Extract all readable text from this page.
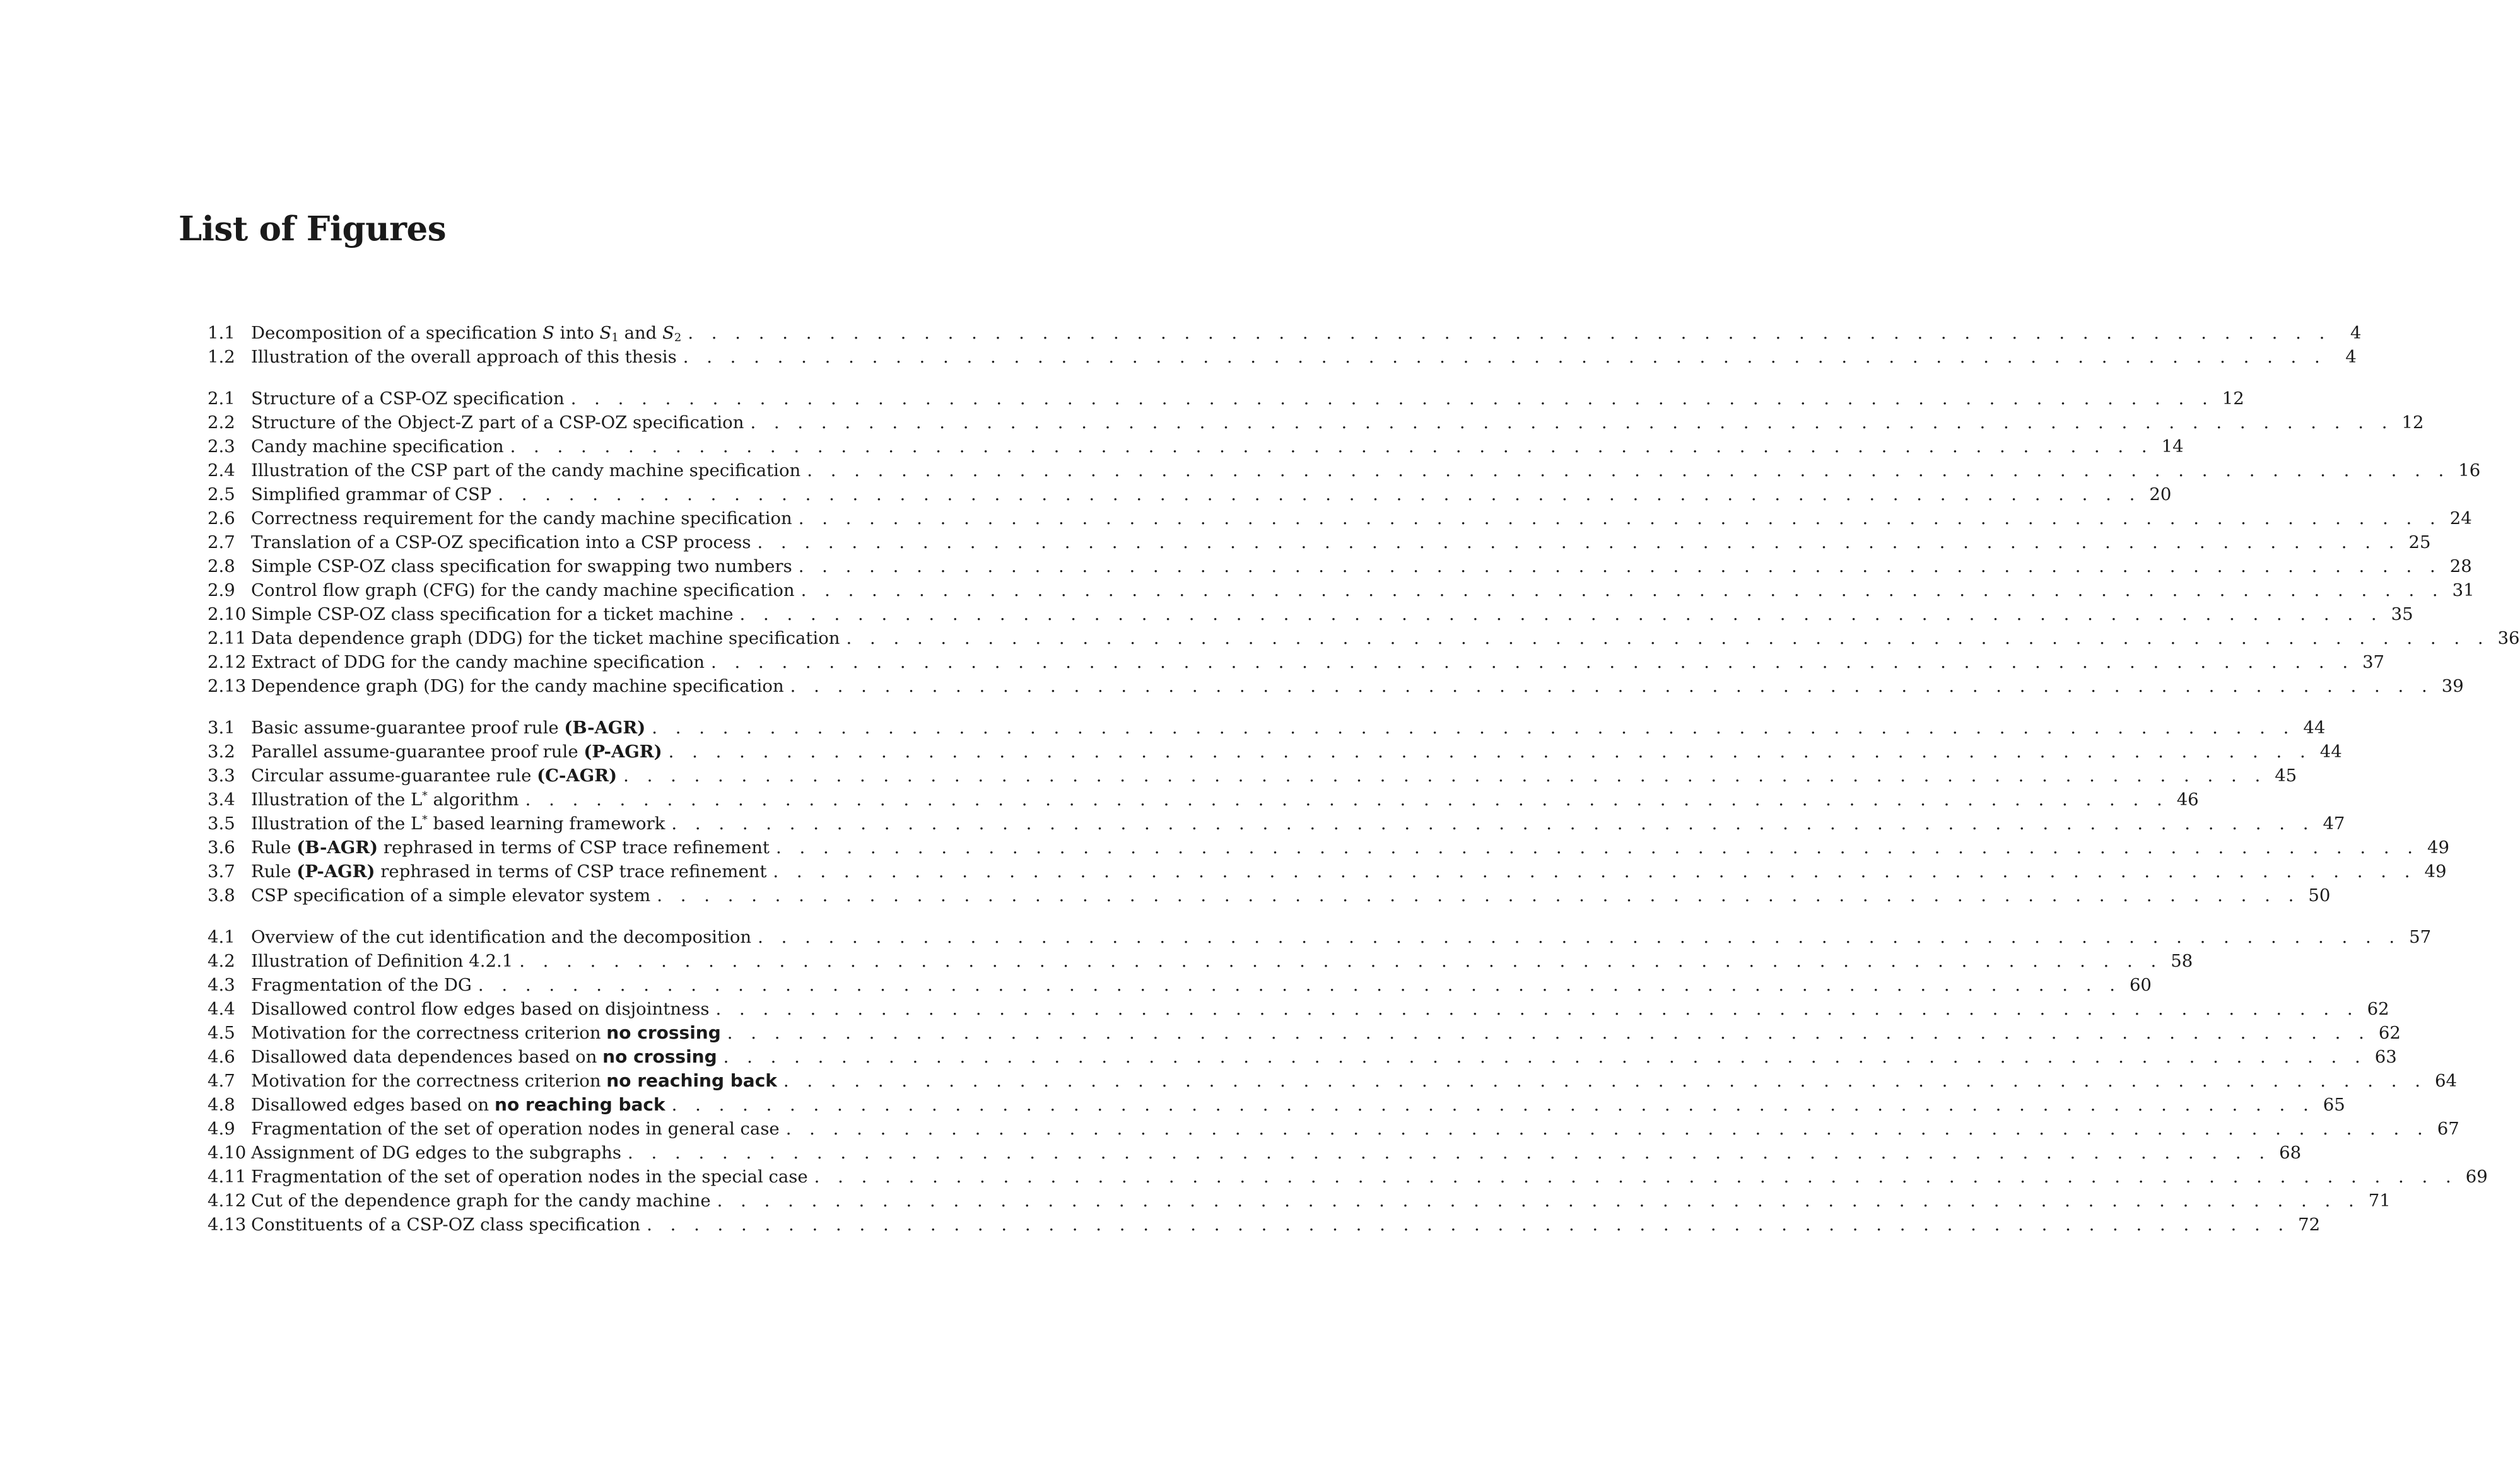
List of Figures
1.1 Decomposition of a specification S into $S_1$ and $S_2$ . . . . . . . . . . . . . . . . . . . . . . . . . . . . . . . . . . . . . . . . . . . . . . . . . . . . . . . . . . . . . . . . . . . . . .	4
1.2 Illustration of the overall approach of this thesis . . . . . . . . . . . . . . . . . . . . . . . . . . . . . . . . . . . . . . . . . . . . . . . . . . . . . . . . . . . . . . . . . . . . . .	4
2.1 Structure of a CSP-OZ specification . . . . . . . . . . . . . . . . . . . . . . . . . . . . . . . . . . . . . . . . . . . . . . . . . . . . . . . . . . . . . . . . . . . . . . 12
2.2 Structure of the Object-Z part of a CSP-OZ specification . . . . . . . . . . . . . . . . . . . . . . . . . . . . . . . . . . . . . . . . . . . . . . . . . . . . . . . . . . . . . . . . . . . . . . 12
2.3 Candy machine specification . . . . . . . . . . . . . . . . . . . . . . . . . . . . . . . . . . . . . . . . . . . . . . . . . . . . . . . . . . . . . . . . . . . . . . 14
2.4 Illustration of the CSP part of the candy machine specification . . . . . . . . . . . . . . . . . . . . . . . . . . . . . . . . . . . . . . . . . . . . . . . . . . . . . . . . . . . . . . . . . . . . . . 16
2.5 Simplified grammar of CSP . . . . . . . . . . . . . . . . . . . . . . . . . . . . . . . . . . . . . . . . . . . . . . . . . . . . . . . . . . . . . . . . . . . . . . 20
2.6 Correctness requirement for the candy machine specification . . . . . . . . . . . . . . . . . . . . . . . . . . . . . . . . . . . . . . . . . . . . . . . . . . . . . . . . . . . . . . . . . . . . . . 24
2.7 Translation of a CSP-OZ specification into a CSP process . . . . . . . . . . . . . . . . . . . . . . . . . . . . . . . . . . . . . . . . . . . . . . . . . . . . . . . . . . . . . . . . . . . . . . 25
2.8 Simple CSP-OZ class specification for swapping two numbers . . . . . . . . . . . . . . . . . . . . . . . . . . . . . . . . . . . . . . . . . . . . . . . . . . . . . . . . . . . . . . . . . . . . . . 28
2.9 Control flow graph (CFG) for the candy machine specification . . . . . . . . . . . . . . . . . . . . . . . . . . . . . . . . . . . . . . . . . . . . . . . . . . . . . . . . . . . . . . . . . . . . . . 31
2.10 Simple CSP-OZ class specification for a ticket machine . . . . . . . . . . . . . . . . . . . . . . . . . . . . . . . . . . . . . . . . . . . . . . . . . . . . . . . . . . . . . . . . . . . . . . 35
2.11 Data dependence graph (DDG) for the ticket machine specification . . . . . . . . . . . . . . . . . . . . . . . . . . . . . . . . . . . . . . . . . . . . . . . . . . . . . . . . . . . . . . . . . . . . . . 36
2.12 Extract of DDG for the candy machine specification . . . . . . . . . . . . . . . . . . . . . . . . . . . . . . . . . . . . . . . . . . . . . . . . . . . . . . . . . . . . . . . . . . . . . . 37
2.13 Dependence graph (DG) for the candy machine specification . . . . . . . . . . . . . . . . . . . . . . . . . . . . . . . . . . . . . . . . . . . . . . . . . . . . . . . . . . . . . . . . . . . . . . 39
3.1 Basic assume-guarantee proof rule (B-AGR) . . . . . . . . . . . . . . . . . . . . . . . . . . . . . . . . . . . . . . . . . . . . . . . . . . . . . . . . . . . . . . . . . . . . . . 44
3.2 Parallel assume-guarantee proof rule (P-AGR) . . . . . . . . . . . . . . . . . . . . . . . . . . . . . . . . . . . . . . . . . . . . . . . . . . . . . . . . . . . . . . . . . . . . . . 44
3.3 Circular assume-guarantee rule (C-AGR) . . . . . . . . . . . . . . . . . . . . . . . . . . . . . . . . . . . . . . . . . . . . . . . . . . . . . . . . . . . . . . . . . . . . . . 45
3.4 Illustration of the L* algorithm . . . . . . . . . . . . . . . . . . . . . . . . . . . . . . . . . . . . . . . . . . . . . . . . . . . . . . . . . . . . . . . . . . . . . . 46
3.5 Illustration of the L* based learning framework . . . . . . . . . . . . . . . . . . . . . . . . . . . . . . . . . . . . . . . . . . . . . . . . . . . . . . . . . . . . . . . . . . . . . . 47
3.6 Rule (B-AGR) rephrased in terms of CSP trace refinement . . . . . . . . . . . . . . . . . . . . . . . . . . . . . . . . . . . . . . . . . . . . . . . . . . . . . . . . . . . . . . . . . . . . . . 49
3.7 Rule (P-AGR) rephrased in terms of CSP trace refinement . . . . . . . . . . . . . . . . . . . . . . . . . . . . . . . . . . . . . . . . . . . . . . . . . . . . . . . . . . . . . . . . . . . . . . 49
3.8 CSP specification of a simple elevator system . . . . . . . . . . . . . . . . . . . . . . . . . . . . . . . . . . . . . . . . . . . . . . . . . . . . . . . . . . . . . . . . . . . . . . 50
4.1 Overview of the cut identification and the decomposition . . . . . . . . . . . . . . . . . . . . . . . . . . . . . . . . . . . . . . . . . . . . . . . . . . . . . . . . . . . . . . . . . . . . . . 57
4.2 Illustration of Definition 4.2.1 . . . . . . . . . . . . . . . . . . . . . . . . . . . . . . . . . . . . . . . . . . . . . . . . . . . . . . . . . . . . . . . . . . . . . . 58
4.3 Fragmentation of the DG . . . . . . . . . . . . . . . . . . . . . . . . . . . . . . . . . . . . . . . . . . . . . . . . . . . . . . . . . . . . . . . . . . . . . . 60
4.4 Disallowed control flow edges based on disjointness . . . . . . . . . . . . . . . . . . . . . . . . . . . . . . . . . . . . . . . . . . . . . . . . . . . . . . . . . . . . . . . . . . . . . . 62
4.5 Motivation for the correctness criterion no crossing . . . . . . . . . . . . . . . . . . . . . . . . . . . . . . . . . . . . . . . . . . . . . . . . . . . . . . . . . . . . . . . . . . . . . . 62
4.6 Disallowed data dependences based on no crossing . . . . . . . . . . . . . . . . . . . . . . . . . . . . . . . . . . . . . . . . . . . . . . . . . . . . . . . . . . . . . . . . . . . . . . 63
4.7 Motivation for the correctness criterion no reaching back . . . . . . . . . . . . . . . . . . . . . . . . . . . . . . . . . . . . . . . . . . . . . . . . . . . . . . . . . . . . . . . . . . . . . . 64
4.8 Disallowed edges based on no reaching back . . . . . . . . . . . . . . . . . . . . . . . . . . . . . . . . . . . . . . . . . . . . . . . . . . . . . . . . . . . . . . . . . . . . . . 65
4.9 Fragmentation of the set of operation nodes in general case . . . . . . . . . . . . . . . . . . . . . . . . . . . . . . . . . . . . . . . . . . . . . . . . . . . . . . . . . . . . . . . . . . . . . . 67
4.10 Assignment of DG edges to the subgraphs . . . . . . . . . . . . . . . . . . . . . . . . . . . . . . . . . . . . . . . . . . . . . . . . . . . . . . . . . . . . . . . . . . . . . . 68
4.11 Fragmentation of the set of operation nodes in the special case . . . . . . . . . . . . . . . . . . . . . . . . . . . . . . . . . . . . . . . . . . . . . . . . . . . . . . . . . . . . . . . . . . . . . . 69
4.12 Cut of the dependence graph for the candy machine . . . . . . . . . . . . . . . . . . . . . . . . . . . . . . . . . . . . . . . . . . . . . . . . . . . . . . . . . . . . . . . . . . . . . . 71
4.13 Constituents of a CSP-OZ class specification . . . . . . . . . . . . . . . . . . . . . . . . . . . . . . . . . . . . . . . . . . . . . . . . . . . . . . . . . . . . . . . . . . . . . . 72
